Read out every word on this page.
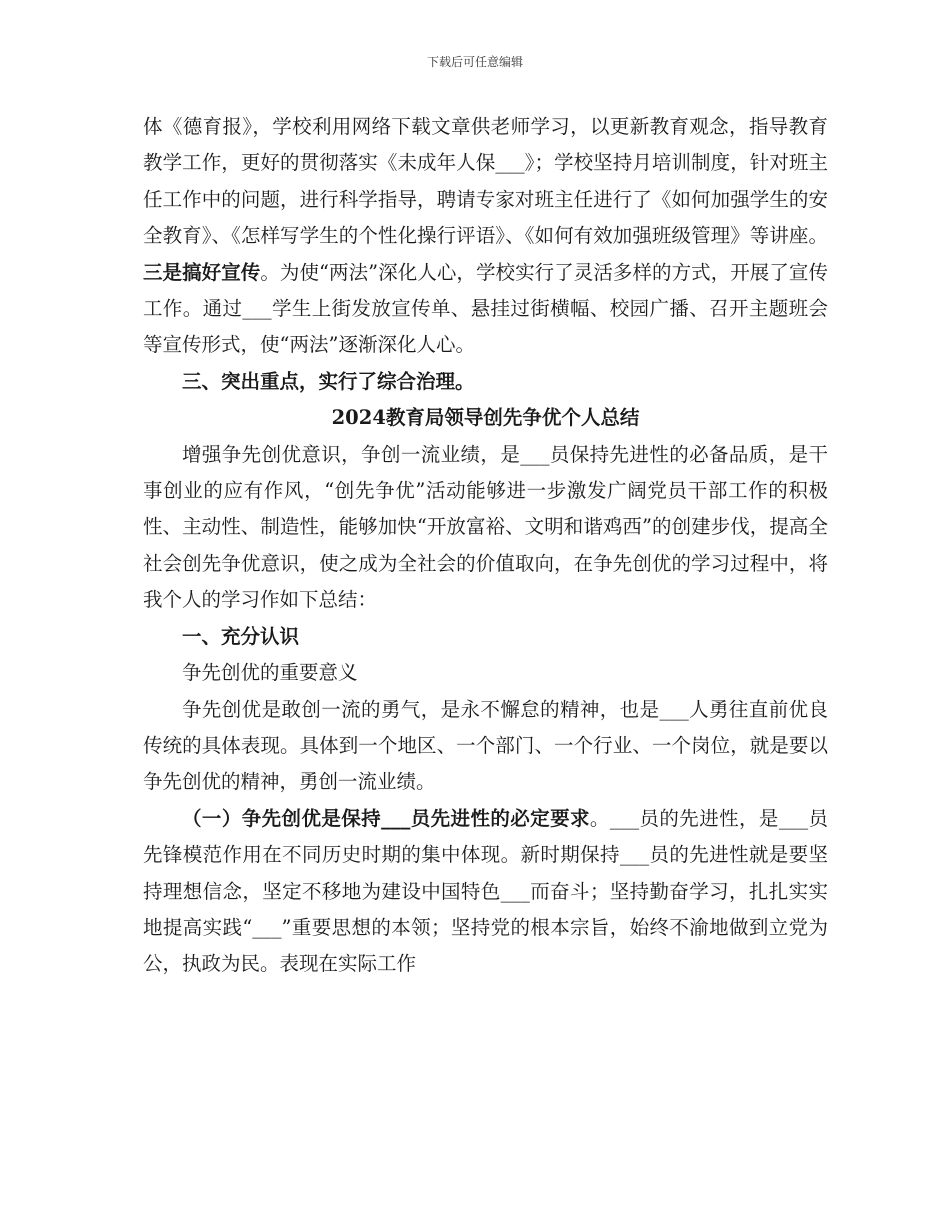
下载后可任意编辑

体《德育报》，学校利用网络下载文章供老师学习，以更新教育观念，指导教育教学工作，更好的贯彻落实《未成年人保___》；学校坚持月培训制度，针对班主任工作中的问题，进行科学指导，聘请专家对班主任进行了《如何加强学生的安全教育》、《怎样写学生的个性化操行评语》、《如何有效加强班级管理》等讲座。三是搞好宣传。为使“两法”深化人心，学校实行了灵活多样的方式，开展了宣传工作。通过___学生上街发放宣传单、悬挂过街横幅、校园广播、召开主题班会等宣传形式，使“两法”逐渐深化人心。

三、突出重点，实行了综合治理。

2024教育局领导创先争优个人总结

增强争先创优意识，争创一流业绩，是___员保持先进性的必备品质，是干事创业的应有作风，“创先争优”活动能够进一步激发广阔党员干部工作的积极性、主动性、制造性，能够加快“开放富裕、文明和谐鸡西”的创建步伐，提高全社会创先争优意识，使之成为全社会的价值取向，在争先创优的学习过程中，将我个人的学习作如下总结：

一、充分认识

争先创优的重要意义

争先创优是敢创一流的勇气，是永不懈怠的精神，也是___人勇往直前优良传统的具体表现。具体到一个地区、一个部门、一个行业、一个岗位，就是要以争先创优的精神，勇创一流业绩。

（一）争先创优是保持___员先进性的必定要求。___员的先进性，是___员先锋模范作用在不同历史时期的集中体现。新时期保持___员的先进性就是要坚持理想信念，坚定不移地为建设中国特色___而奋斗；坚持勤奋学习，扎扎实实地提高实践“___”重要思想的本领；坚持党的根本宗旨，始终不渝地做到立党为公，执政为民。表现在实际工作
